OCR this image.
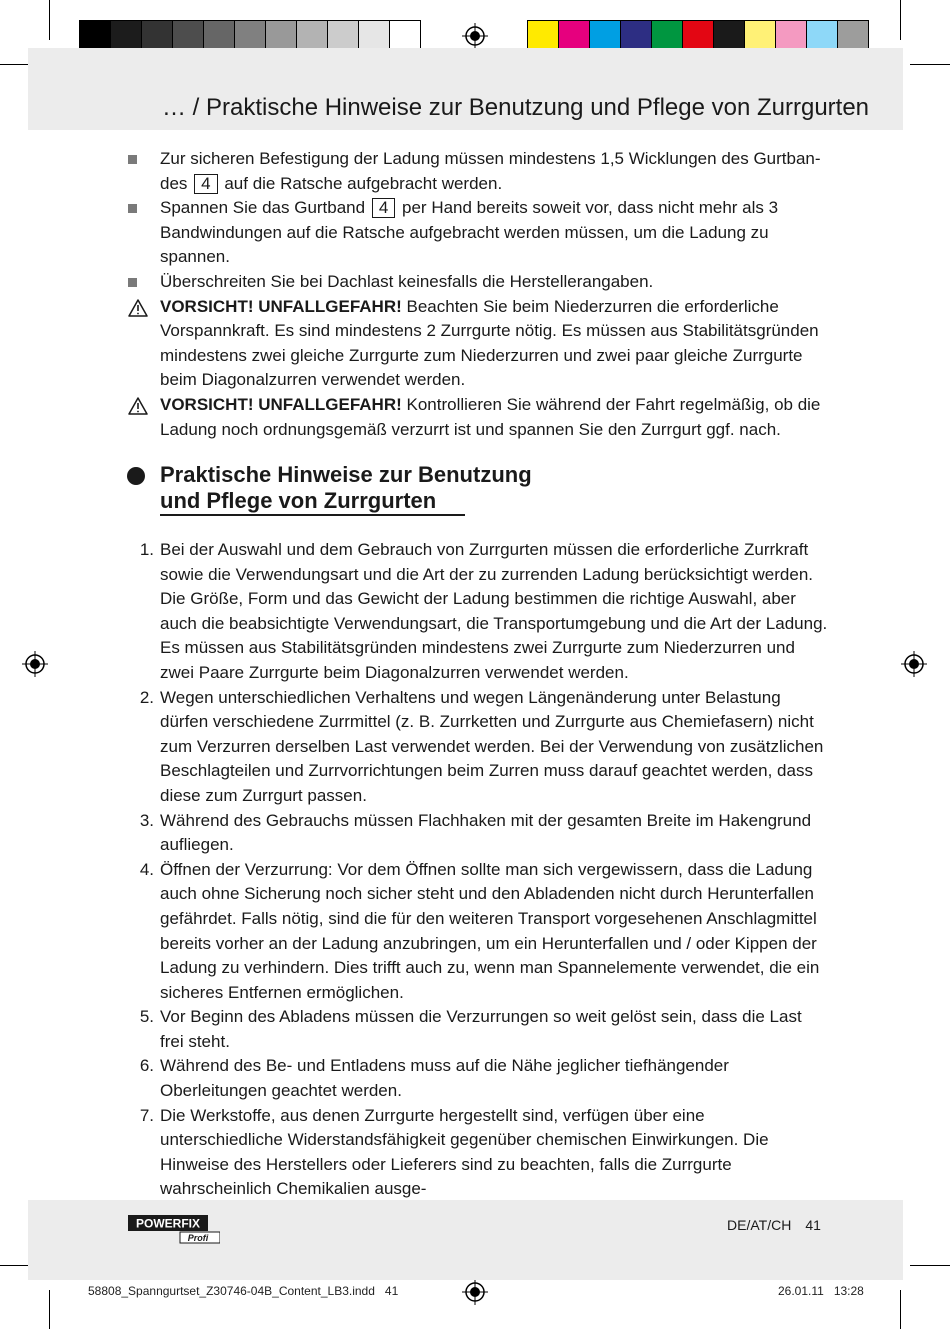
… / Praktische Hinweise zur Benutzung und Pflege von Zurrgurten
Zur sicheren Befestigung der Ladung müssen mindestens 1,5 Wicklungen des Gurtban-
des 4 auf die Ratsche aufgebracht werden.
Spannen Sie das Gurtband 4 per Hand bereits soweit vor, dass nicht mehr als 3 Bandwindungen auf die Ratsche aufgebracht werden müssen, um die Ladung zu spannen.
Überschreiten Sie bei Dachlast keinesfalls die Herstellerangaben.
VORSICHT! UNFALLGEFAHR! Beachten Sie beim Niederzurren die erforderliche Vorspannkraft. Es sind mindestens 2 Zurrgurte nötig. Es müssen aus Stabilitätsgründen mindestens zwei gleiche Zurrgurte zum Niederzurren und zwei paar gleiche Zurrgurte beim Diagonalzurren verwendet werden.
VORSICHT! UNFALLGEFAHR! Kontrollieren Sie während der Fahrt regelmäßig, ob die Ladung noch ordnungsgemäß verzurrt ist und spannen Sie den Zurrgurt ggf. nach.
Praktische Hinweise zur Benutzung
und Pflege von Zurrgurten
1. Bei der Auswahl und dem Gebrauch von Zurrgurten müssen die erforderliche Zurrkraft sowie die Verwendungsart und die Art der zu zurrenden Ladung berücksichtigt werden. Die Größe, Form und das Gewicht der Ladung bestimmen die richtige Auswahl, aber auch die beabsichtigte Verwendungsart, die Transportumgebung und die Art der Ladung. Es müssen aus Stabilitätsgründen mindestens zwei Zurrgurte zum Niederzurren und zwei Paare Zurrgurte beim Diagonalzurren verwendet werden.
2. Wegen unterschiedlichen Verhaltens und wegen Längenänderung unter Belastung dürfen verschiedene Zurrmittel (z. B. Zurrketten und Zurrgurte aus Chemiefasern) nicht zum Verzurren derselben Last verwendet werden. Bei der Verwendung von zusätzlichen Beschlagteilen und Zurrvorrichtungen beim Zurren muss darauf geachtet werden, dass diese zum Zurrgurt passen.
3. Während des Gebrauchs müssen Flachhaken mit der gesamten Breite im Hakengrund aufliegen.
4. Öffnen der Verzurrung: Vor dem Öffnen sollte man sich vergewissern, dass die Ladung auch ohne Sicherung noch sicher steht und den Abladenden nicht durch Herunterfallen gefährdet. Falls nötig, sind die für den weiteren Transport vorgesehenen Anschlagmittel bereits vorher an der Ladung anzubringen, um ein Herunterfallen und / oder Kippen der Ladung zu verhindern. Dies trifft auch zu, wenn man Spannelemente verwendet, die ein sicheres Entfernen ermöglichen.
5. Vor Beginn des Abladens müssen die Verzurrungen so weit gelöst sein, dass die Last frei steht.
6. Während des Be- und Entladens muss auf die Nähe jeglicher tiefhängender Oberleitungen geachtet werden.
7. Die Werkstoffe, aus denen Zurrgurte hergestellt sind, verfügen über eine unterschiedliche Widerstandsfähigkeit gegenüber chemischen Einwirkungen. Die Hinweise des Herstellers oder Lieferers sind zu beachten, falls die Zurrgurte wahrscheinlich Chemikalien ausge-
POWERFIX
Profi
DE/AT/CH 41
58808_Spanngurtset_Z30746-04B_Content_LB3.indd   41	26.01.11   13:28
